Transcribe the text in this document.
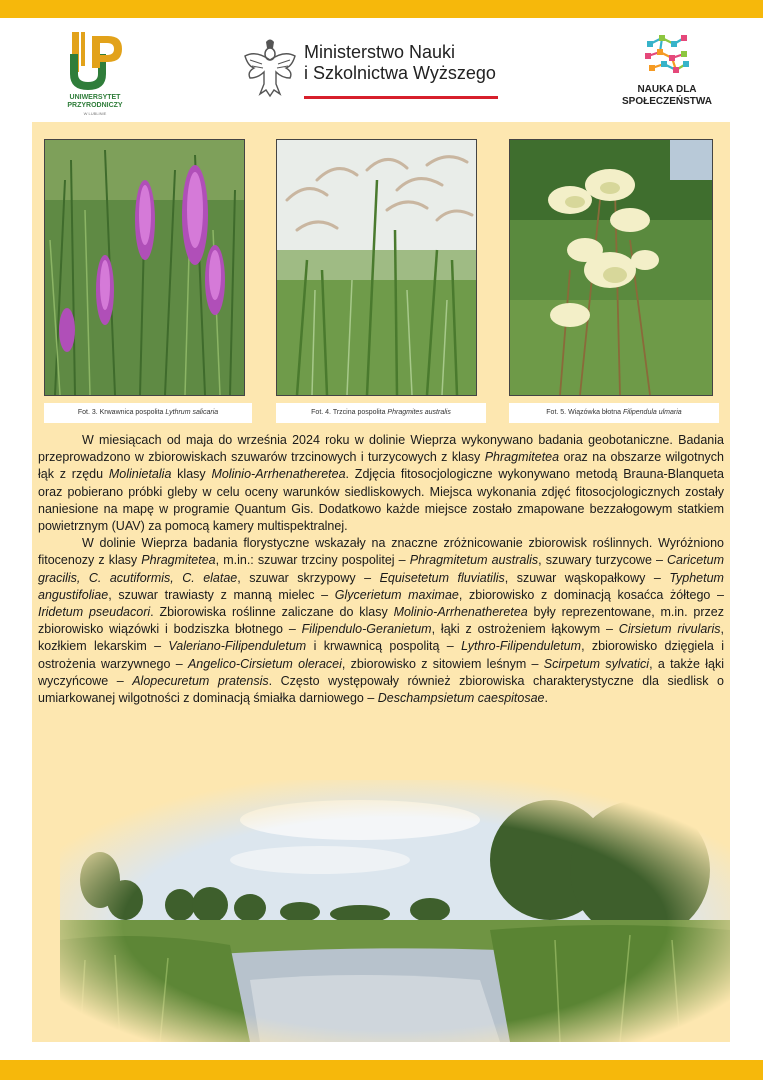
UNIWERSYTET PRZYRODNICZY
W LUBLINIE
Ministerstwo Nauki
i Szkolnictwa Wyższego
NAUKA DLA
SPOŁECZEŃSTWA
Fot. 3. Krwawnica pospolita Lythrum salicaria	Fot. 4. Trzcina pospolita Phragmites australis	Fot. 5. Wiązówka błotna Filipendula ulmaria

W miesiącach od maja do września 2024 roku w dolinie Wieprza wykonywano badania geobotaniczne. Badania przeprowadzono w zbiorowiskach szuwarów trzcinowych i turzycowych z klasy Phragmitetea oraz na obszarze wilgotnych łąk z rzędu Molinietalia klasy Molinio-Arrhenatheretea. Zdjęcia fitosocjologiczne wykonywano metodą Brauna-Blanqueta oraz pobierano próbki gleby w celu oceny warunków siedliskowych. Miejsca wykonania zdjęć fitosocjologicznych zostały naniesione na mapę w programie Quantum Gis. Dodatkowo każde miejsce zostało zmapowane bezzałogowym statkiem powietrznym (UAV) za pomocą kamery multispektralnej.

W dolinie Wieprza badania florystyczne wskazały na znaczne zróżnicowanie zbiorowisk roślinnych. Wyróżniono fitocenozy z klasy Phragmitetea, m.in.: szuwar trzciny pospolitej – Phragmitetum australis, szuwary turzycowe – Caricetum gracilis, C. acutiformis, C. elatae, szuwar skrzypowy – Equisetetum fluviatilis, szuwar wąskopałkowy – Typhetum angustifoliae, szuwar trawiasty z manną mielec – Glycerietum maximae, zbiorowisko z dominacją kosaćca żółtego – Iridetum pseudacori. Zbiorowiska roślinne zaliczane do klasy Molinio-Arrhenatheretea były reprezentowane, m.in. przez zbiorowisko wiązówki i bodziszka błotnego – Filipendulo-Geranietum, łąki z ostrożeniem łąkowym – Cirsietum rivularis, kozłkiem lekarskim – Valeriano-Filipenduletum i krwawnicą pospolitą – Lythro-Filipenduletum, zbiorowisko dzięgiela i ostrożenia warzywnego – Angelico-Cirsietum oleracei, zbiorowisko z sitowiem leśnym – Scirpetum sylvatici, a także łąki wyczyńcowe – Alopecuretum pratensis. Często występowały również zbiorowiska charakterystyczne dla siedlisk o umiarkowanej wilgotności z dominacją śmiałka darniowego – Deschampsietum caespitosae.
